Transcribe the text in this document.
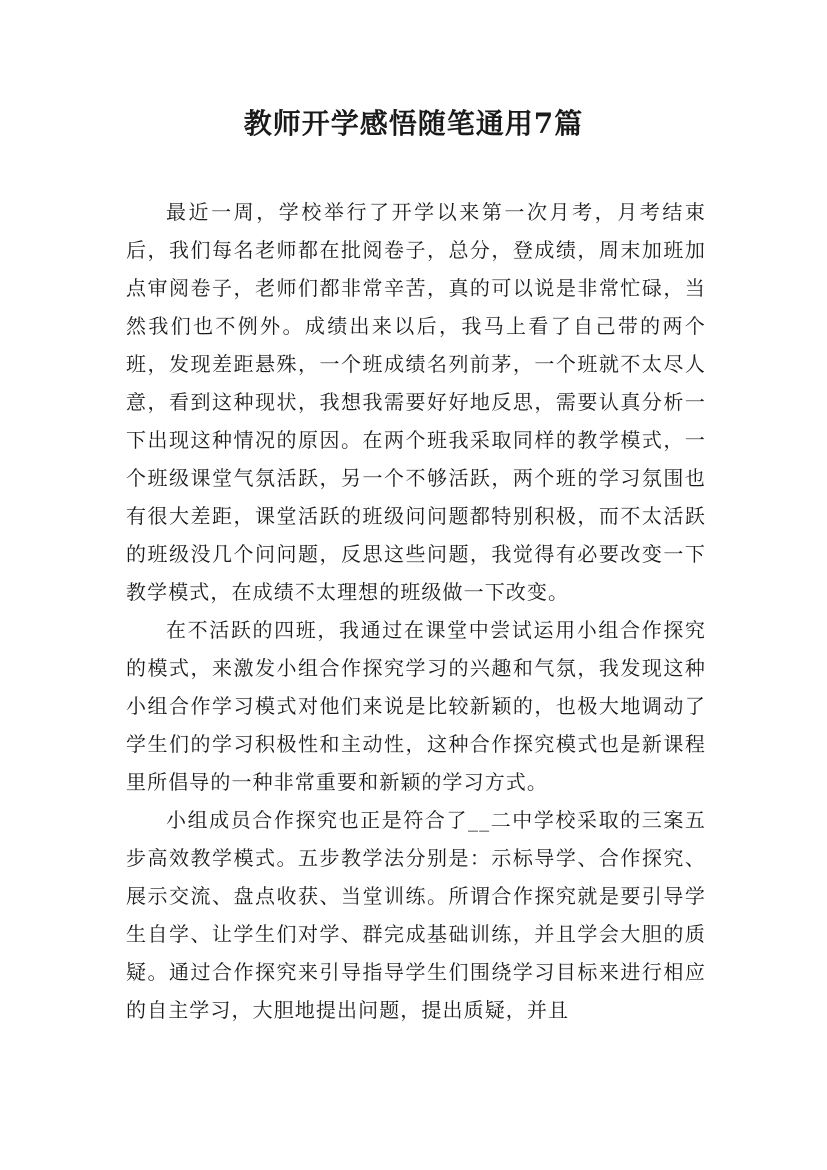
教师开学感悟随笔通用7篇

最近一周，学校举行了开学以来第一次月考，月考结束后，我们每名老师都在批阅卷子，总分，登成绩，周末加班加点审阅卷子，老师们都非常辛苦，真的可以说是非常忙碌，当然我们也不例外。成绩出来以后，我马上看了自己带的两个班，发现差距悬殊，一个班成绩名列前茅，一个班就不太尽人意，看到这种现状，我想我需要好好地反思，需要认真分析一下出现这种情况的原因。在两个班我采取同样的教学模式，一个班级课堂气氛活跃，另一个不够活跃，两个班的学习氛围也有很大差距，课堂活跃的班级问问题都特别积极，而不太活跃的班级没几个问问题，反思这些问题，我觉得有必要改变一下教学模式，在成绩不太理想的班级做一下改变。

在不活跃的四班，我通过在课堂中尝试运用小组合作探究的模式，来激发小组合作探究学习的兴趣和气氛，我发现这种小组合作学习模式对他们来说是比较新颖的，也极大地调动了学生们的学习积极性和主动性，这种合作探究模式也是新课程里所倡导的一种非常重要和新颖的学习方式。

小组成员合作探究也正是符合了__二中学校采取的三案五步高效教学模式。五步教学法分别是：示标导学、合作探究、展示交流、盘点收获、当堂训练。所谓合作探究就是要引导学生自学、让学生们对学、群完成基础训练，并且学会大胆的质疑。通过合作探究来引导指导学生们围绕学习目标来进行相应的自主学习，大胆地提出问题，提出质疑，并且
